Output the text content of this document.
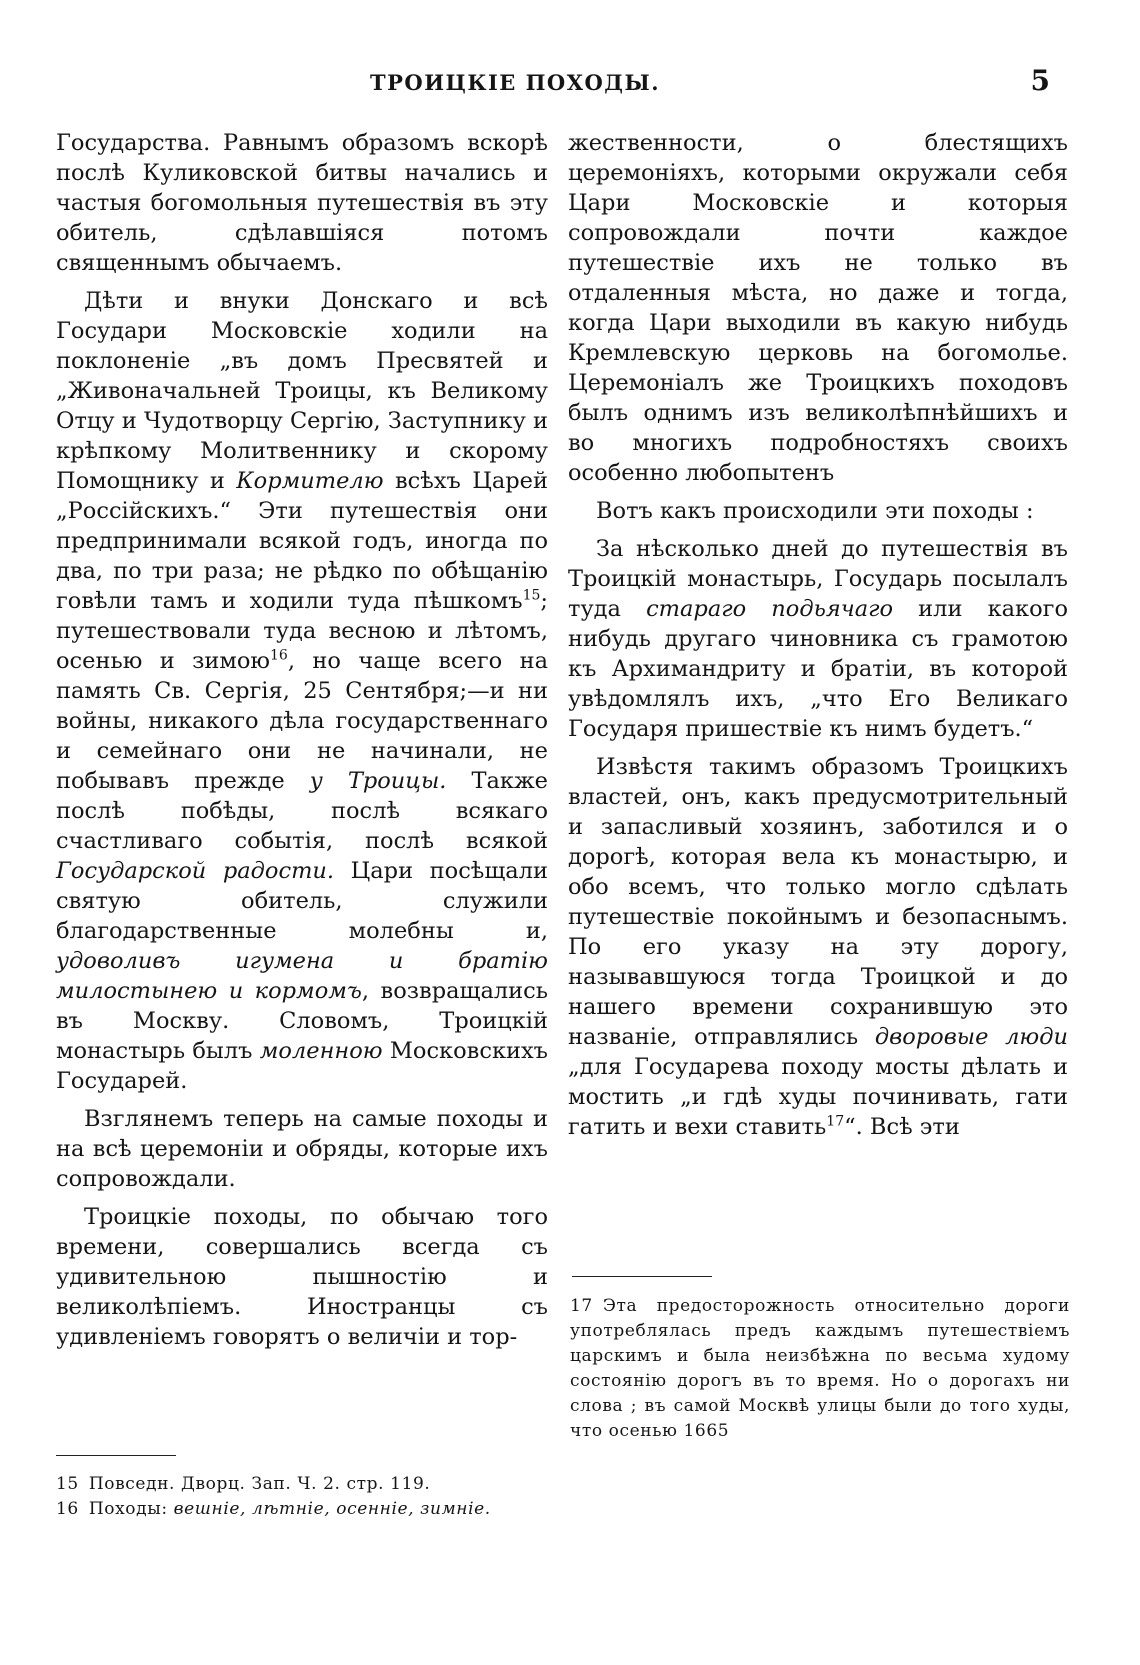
ТРОИЦКІЕ ПОХОДЫ.	5

Государства. Равнымъ образомъ вскорѣ послѣ Куликовской битвы начались и частыя богомольныя путешествія въ эту обитель, сдѣлавшіяся потомъ священнымъ обычаемъ.

Дѣти и внуки Донскаго и всѣ Государи Московскіе ходили на поклоненіе „въ домъ Пресвятей и „Живоначальней Троицы, къ Великому Отцу и Чудотворцу Сергію, Заступнику и крѣпкому Молитвеннику и скорому Помощнику и Кормителю всѣхъ Царей „Россійскихъ.“ Эти путешествія они предпринимали всякой годъ, иногда по два, по три раза; не рѣдко по обѣщанію говѣли тамъ и ходили туда пѣшкомъ$^{15}$; путешествовали туда весною и лѣтомъ, осенью и зимою$^{16}$, но чаще всего на память Св. Сергія, 25 Сентября;—и ни войны, никакого дѣла государственнаго и семейнаго они не начинали, не побывавъ прежде у Троицы. Также послѣ побѣды, послѣ всякаго счастливаго событія, послѣ всякой Государской радости. Цари посѣщали святую обитель, служили благодарственные молебны и, удоволивъ игумена и братію милостынею и кормомъ, возвращались въ Москву. Словомъ, Троицкій монастырь былъ моленною Московскихъ Государей.

Взглянемъ теперь на самые походы и на всѣ церемоніи и обряды, которые ихъ сопровождали.

Троицкіе походы, по обычаю того времени, совершались всегда съ удивительною пышностію и великолѣпіемъ. Иностранцы съ удивленіемъ говорятъ о величіи и тор-

жественности, о блестящихъ церемоніяхъ, которыми окружали себя Цари Московскіе и которыя сопровождали почти каждое путешествіе ихъ не только въ отдаленныя мѣста, но даже и тогда, когда Цари выходили въ какую нибудь Кремлевскую церковь на богомолье. Церемоніалъ же Троицкихъ походовъ былъ однимъ изъ великолѣпнѣйшихъ и во многихъ подробностяхъ своихъ особенно любопытенъ

Вотъ какъ происходили эти походы :

За нѣсколько дней до путешествія въ Троицкій монастырь, Государь посылалъ туда стараго подьячаго или какого нибудь другаго чиновника съ грамотою къ Архимандриту и братіи, въ которой увѣдомлялъ ихъ, „что Его Великаго Государя пришествіе къ нимъ будетъ.“

Извѣстя такимъ образомъ Троицкихъ властей, онъ, какъ предусмотрительный и запасливый хозяинъ, заботился и о дорогѣ, которая вела къ монастырю, и обо всемъ, что только могло сдѣлать путешествіе покойнымъ и безопаснымъ. По его указу на эту дорогу, называвшуюся тогда Троицкой и до нашего времени сохранившую это названіе, отправлялись дворовые люди „для Государева походу мосты дѣлать и мостить „и гдѣ худы починивать, гати гатить и вехи ставить$^{17}$“. Всѣ эти

15 Повседн. Дворц. Зап. Ч. 2. стр. 119.

16 Походы: вешніе, лѣтніе, осенніе, зимніе.

17 Эта предосторожность относительно дороги употреблялась предъ каждымъ путешествіемъ царскимъ и была неизбѣжна по весьма худому состоянію дорогъ въ то время. Но о дорогахъ ни слова ; въ самой Москвѣ улицы были до того худы, что осенью 1665
